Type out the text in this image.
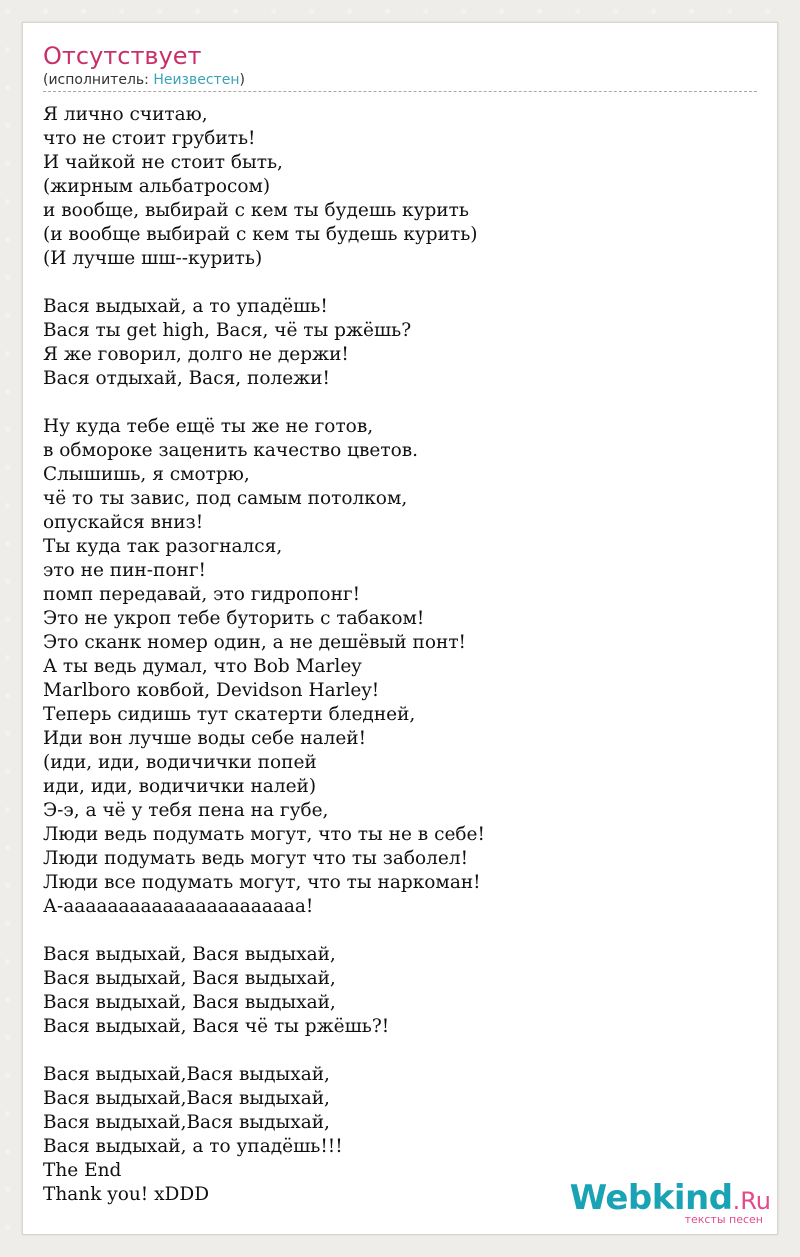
Отсутствует
(исполнитель: Неизвестен)
Я лично считаю,
что не стоит грубить!
И чайкой не стоит быть,
(жирным альбатросом)
и вообще, выбирай с кем ты будешь курить
(и вообще выбирай с кем ты будешь курить)
(И лучше шш--курить)
Вася выдыхай, а то упадёшь!
Вася ты get high, Вася, чё ты ржёшь?
Я же говорил, долго не держи!
Вася отдыхай, Вася, полежи!
Ну куда тебе ещё ты же не готов,
в обмороке заценить качество цветов.
Слышишь, я смотрю,
чё то ты завис, под самым потолком,
опускайся вниз!
Ты куда так разогнался,
это не пин-понг!
помп передавай, это гидропонг!
Это не укроп тебе буторить с табаком!
Это сканк номер один, а не дешёвый понт!
А ты ведь думал, что Bob Marley
Marlboro ковбой, Devidson Harley!
Теперь сидишь тут скатерти бледней,
Иди вон лучше воды себе налей!
(иди, иди, водичички попей
иди, иди, водичички налей)
Э-э, а чё у тебя пена на губе,
Люди ведь подумать могут, что ты не в себе!
Люди подумать ведь могут что ты заболел!
Люди все подумать могут, что ты наркоман!
А-аааааааааааааааааааааа!
Вася выдыхай, Вася выдыхай,
Вася выдыхай, Вася выдыхай,
Вася выдыхай, Вася выдыхай,
Вася выдыхай, Вася чё ты ржёшь?!
Вася выдыхай,Вася выдыхай,
Вася выдыхай,Вася выдыхай,
Вася выдыхай,Вася выдыхай,
Вася выдыхай, а то упадёшь!!!
The End
Thank you! xDDD	Webkind.Ru
тексты песен
